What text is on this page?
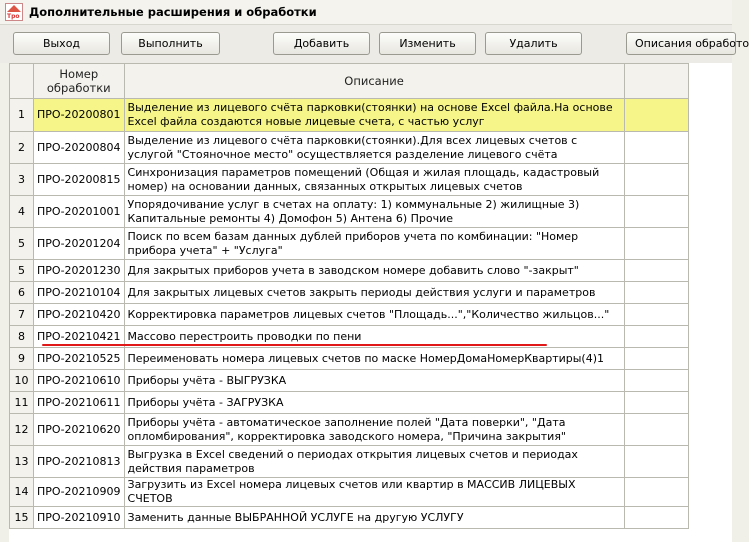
Тро Дополнительные расширения и обработки
Выход	Выполнить	Добавить	Изменить	Удалить	Описания обработо
	Номер обработки	Описание	
1	ПРО-20200801	Выделение из лицевого счёта парковки(стоянки) на основе Excel файла.На основе Excel файла создаются новые лицевые счета, с частью услуг	
2	ПРО-20200804	Выделение из лицевого счёта парковки(стоянки).Для всех лицевых счетов с услугой "Стояночное место" осуществляется разделение лицевого счёта	
3	ПРО-20200815	Синхронизация параметров помещений (Общая и жилая площадь, кадастровый номер) на основании данных, связанных открытых лицевых счетов	
4	ПРО-20201001	Упорядочивание услуг в счетах на оплату: 1) коммунальные 2) жилищные 3) Капитальные ремонты 4) Домофон 5) Антена 6) Прочие	
5	ПРО-20201204	Поиск по всем базам данных дублей приборов учета по комбинации: "Номер прибора учета" + "Услуга"	
5	ПРО-20201230	Для закрытых приборов учета в заводском номере добавить слово "-закрыт"	
6	ПРО-20210104	Для закрытых лицевых счетов закрыть периоды действия услуги и параметров	
7	ПРО-20210420	Корректировка параметров лицевых счетов "Площадь...","Количество жильцов..."	
8	ПРО-20210421	Массово перестроить проводки по пени	
9	ПРО-20210525	Переименовать номера лицевых счетов по маске НомерДомаНомерКвартиры(4)1	
10	ПРО-20210610	Приборы учёта - ВЫГРУЗКА	
11	ПРО-20210611	Приборы учёта - ЗАГРУЗКА	
12	ПРО-20210620	Приборы учёта - автоматическое заполнение полей "Дата поверки", "Дата опломбирования", корректировка заводского номера, "Причина закрытия"	
13	ПРО-20210813	Выгрузка в Excel сведений о периодах открытия лицевых счетов и периодах действия параметров	
14	ПРО-20210909	Загрузить из Excel номера лицевых счетов или квартир в МАССИВ ЛИЦЕВЫХ СЧЕТОВ	
15	ПРО-20210910	Заменить данные ВЫБРАННОЙ УСЛУГЕ на другую УСЛУГУ	
